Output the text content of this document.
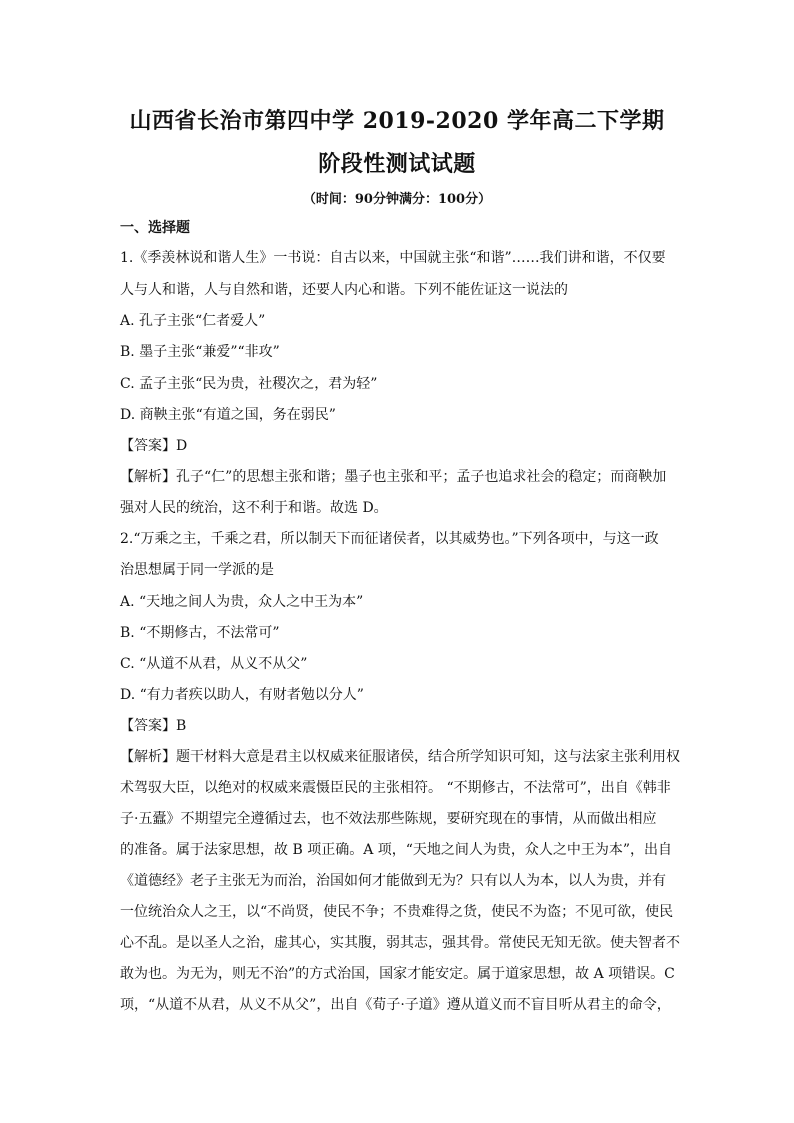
山西省长治市第四中学 2019-2020 学年高二下学期
阶段性测试试题
（时间：90分钟满分：100分）
一、选择题
1.《季羡林说和谐人生》一书说：自古以来，中国就主张“和谐”……我们讲和谐，不仅要
人与人和谐，人与自然和谐，还要人内心和谐。下列不能佐证这一说法的
A. 孔子主张“仁者爱人”
B. 墨子主张“兼爱”“非攻”
C. 孟子主张“民为贵，社稷次之，君为轻”
D. 商鞅主张“有道之国，务在弱民”
【答案】D
【解析】孔子“仁”的思想主张和谐；墨子也主张和平；孟子也追求社会的稳定；而商鞅加
强对人民的统治，这不利于和谐。故选 D。
2.“万乘之主，千乘之君，所以制天下而征诸侯者，以其威势也。”下列各项中，与这一政
治思想属于同一学派的是
A. “天地之间人为贵，众人之中王为本”
B. “不期修古，不法常可”
C. “从道不从君，从义不从父”
D. “有力者疾以助人，有财者勉以分人”
【答案】B
【解析】题干材料大意是君主以权威来征服诸侯，结合所学知识可知，这与法家主张利用权
术驾驭大臣，以绝对的权威来震慑臣民的主张相符。 “不期修古，不法常可”，出自《韩非
子·五蠹》不期望完全遵循过去，也不效法那些陈规，要研究现在的事情，从而做出相应
的准备。属于法家思想，故 B 项正确。A 项，“天地之间人为贵，众人之中王为本”，出自
《道德经》老子主张无为而治，治国如何才能做到无为？只有以人为本，以人为贵，并有
一位统治众人之王，以“不尚贤，使民不争；不贵难得之货，使民不为盗；不见可欲，使民
心不乱。是以圣人之治，虚其心，实其腹，弱其志，强其骨。常使民无知无欲。使夫智者不
敢为也。为无为，则无不治”的方式治国，国家才能安定。属于道家思想，故 A 项错误。C
项，“从道不从君，从义不从父”，出自《荀子·子道》遵从道义而不盲目听从君主的命令，
